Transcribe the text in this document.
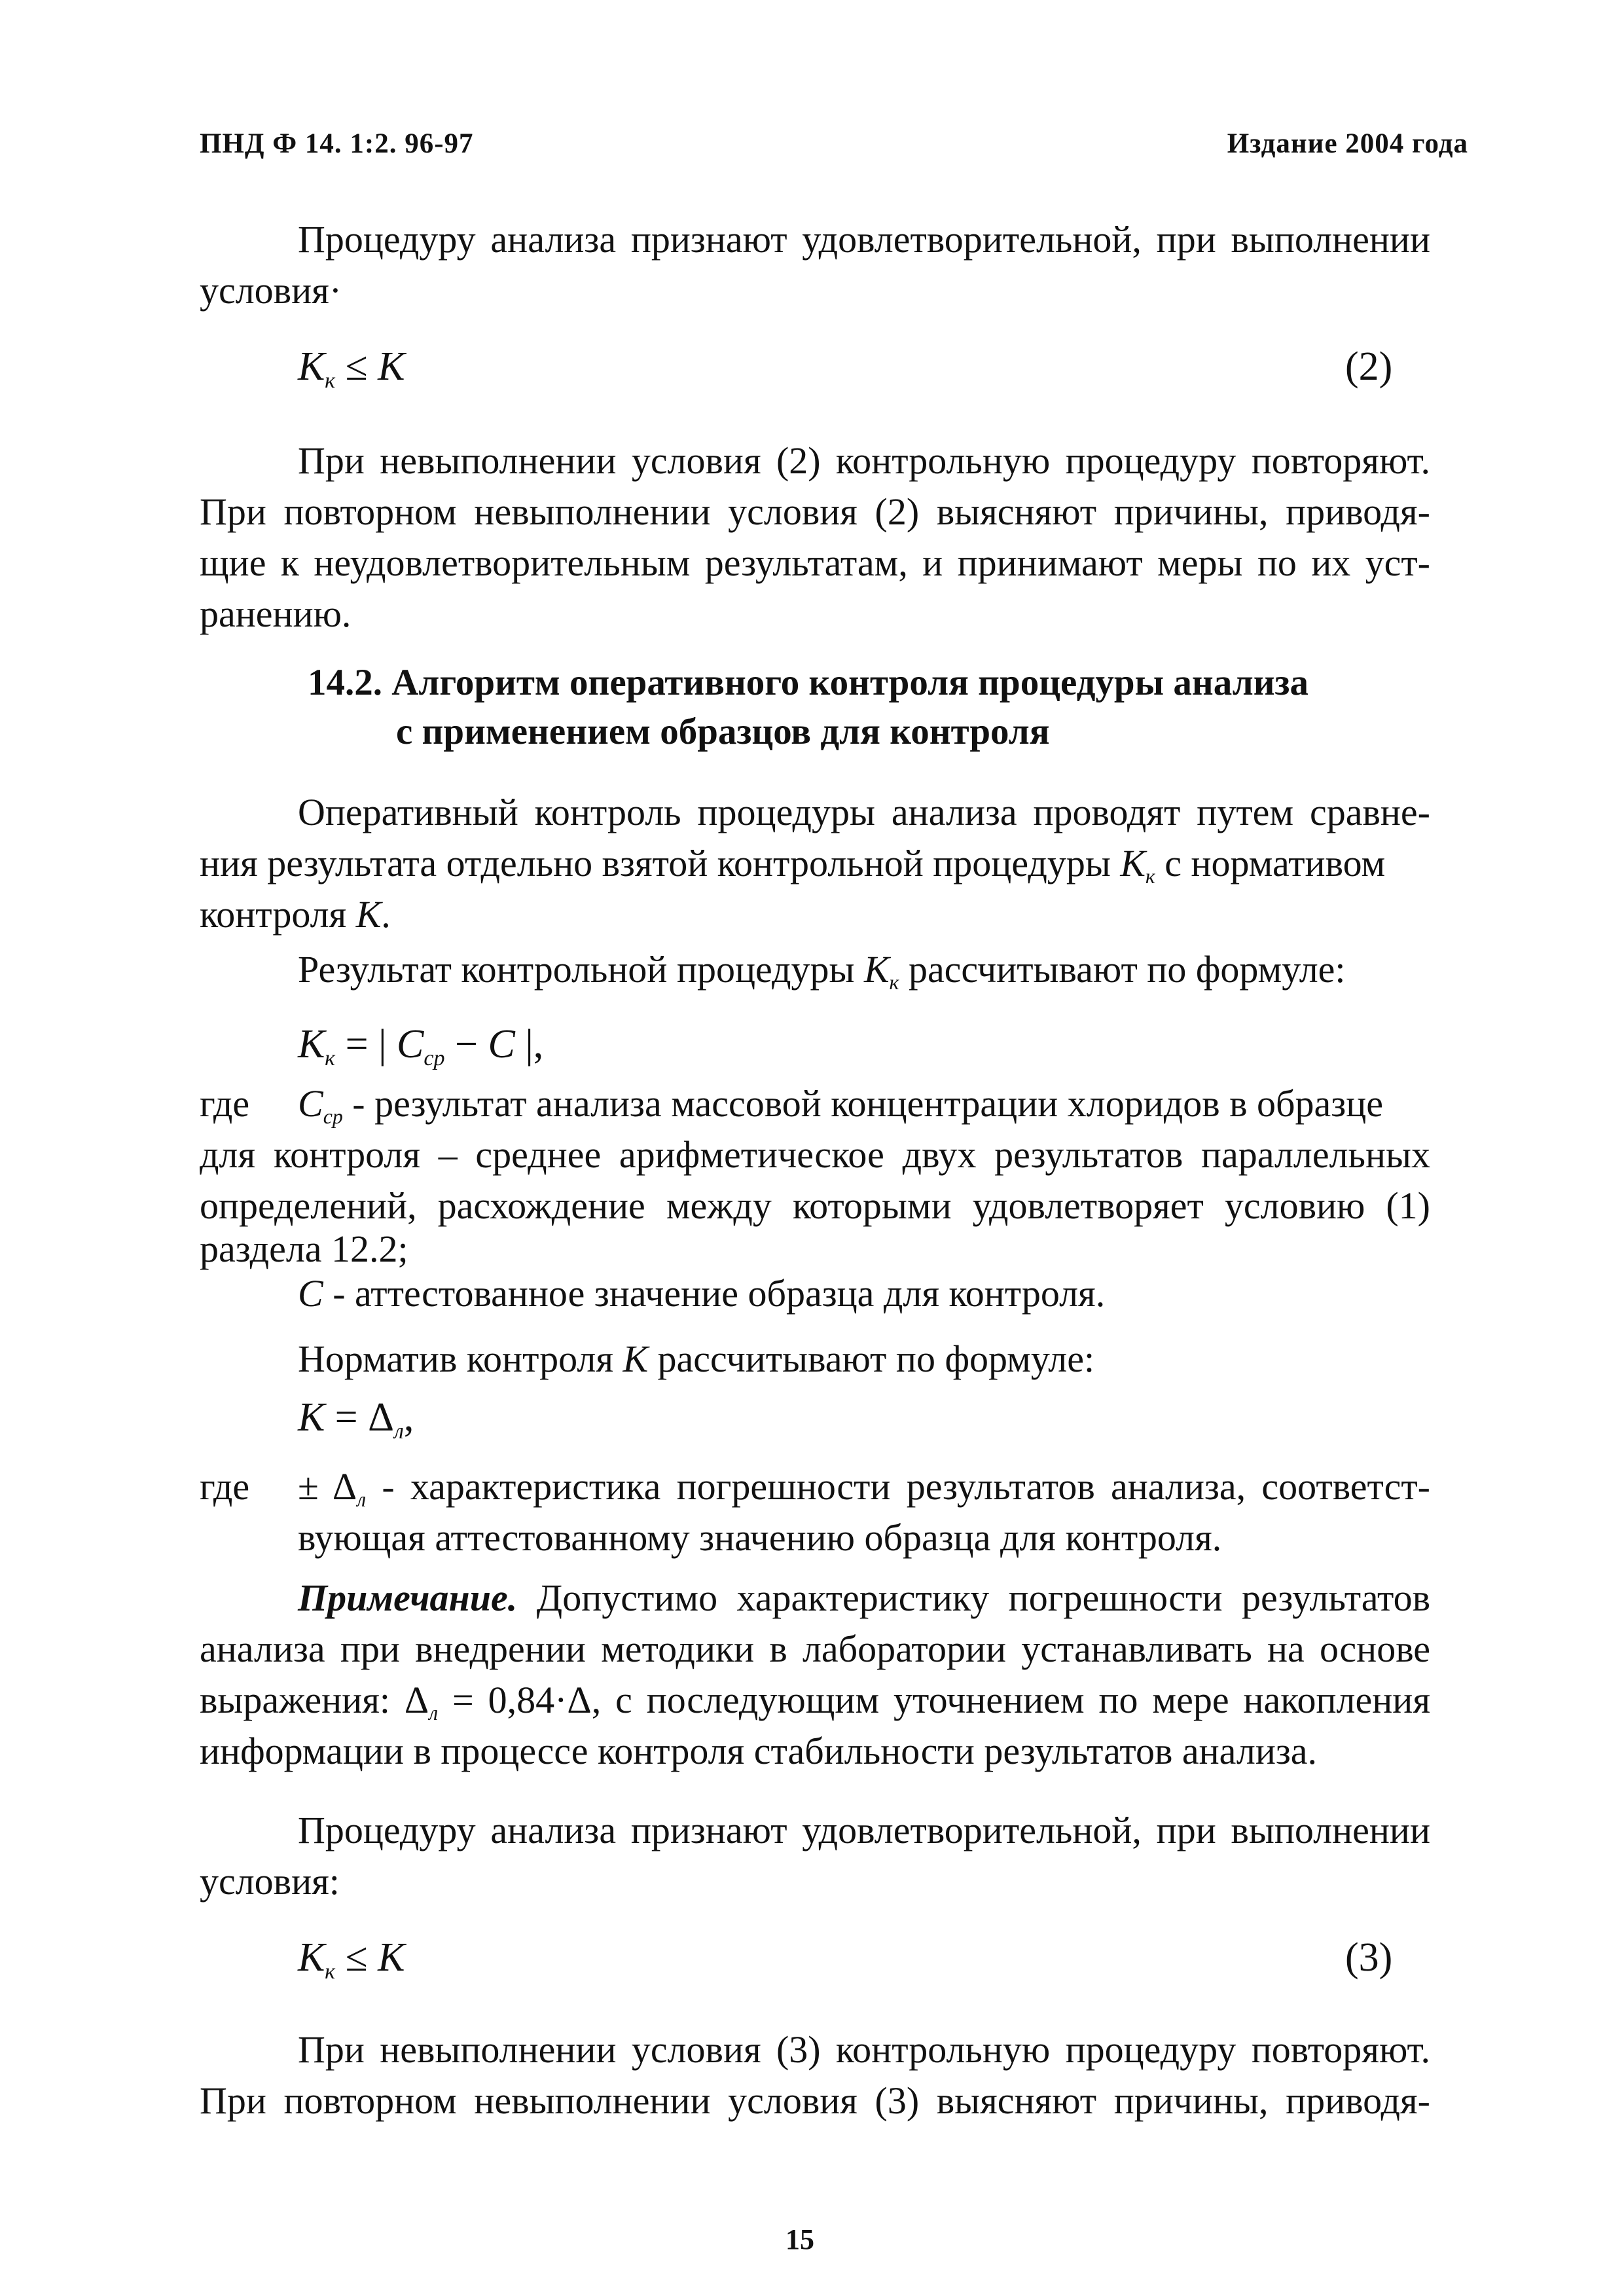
ПНД Ф 14. 1:2. 96-97	Издание 2004 года
Процедуру анализа признают удовлетворительной, при выполнении
условия·
$К_к \le К$	(2)
При невыполнении условия (2) контрольную процедуру повторяют.
При повторном невыполнении условия (2) выясняют причины, приводя-
щие к неудовлетворительным результатам, и принимают меры по их уст-
ранению.
14.2. Алгоритм оперативного контроля процедуры анализа
с применением образцов для контроля
Оперативный контроль процедуры анализа проводят путем сравне-
ния результата отдельно взятой контрольной процедуры $К_к$ с нормативом
контроля К.
Результат контрольной процедуры $К_к$ рассчитывают по формуле:
$К_к$ = | $С_{ср} - С$ |,
где $С_{ср}$ - результат анализа массовой концентрации хлоридов в образце
для контроля – среднее арифметическое двух результатов параллельных
определений, расхождение между которыми удовлетворяет условию (1)
раздела 12.2;
С - аттестованное значение образца для контроля.
Норматив контроля К рассчитывают по формуле:
$К = \Delta_л$,
где ± $\Delta_л$ - характеристика погрешности результатов анализа, соответст-
вующая аттестованному значению образца для контроля.
Примечание. Допустимо характеристику погрешности результатов
анализа при внедрении методики в лаборатории устанавливать на основе
выражения: $\Delta_л = 0,84\cdot\Delta$, с последующим уточнением по мере накопления
информации в процессе контроля стабильности результатов анализа.
Процедуру анализа признают удовлетворительной, при выполнении
условия:
$К_к \le К$	(3)
При невыполнении условия (3) контрольную процедуру повторяют.
При повторном невыполнении условия (3) выясняют причины, приводя-
15
